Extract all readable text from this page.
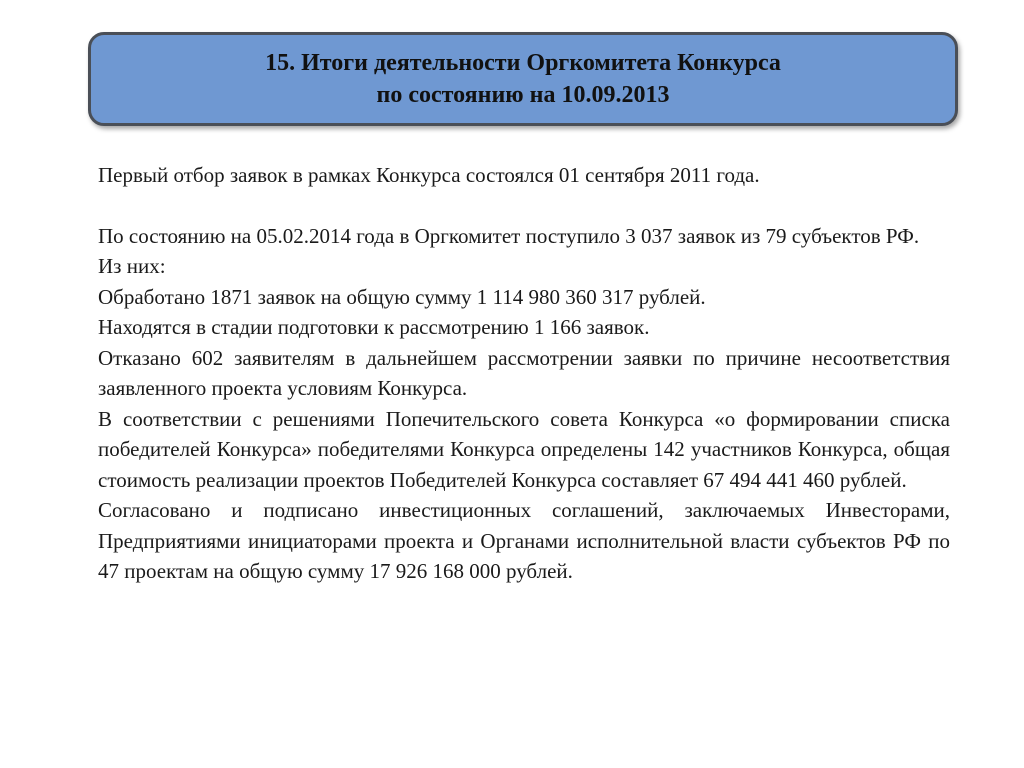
15. Итоги деятельности Оргкомитета Конкурса
по состоянию на 10.09.2013

Первый отбор заявок в рамках Конкурса состоялся 01 сентября 2011 года.

По состоянию на 05.02.2014 года в Оргкомитет поступило 3 037 заявок из 79 субъектов РФ.

Из них:

Обработано 1871 заявок на общую сумму 1 114 980 360 317 рублей.

Находятся в стадии подготовки к рассмотрению 1 166 заявок.

Отказано 602 заявителям в дальнейшем рассмотрении заявки по причине несоответствия заявленного проекта условиям Конкурса.

В соответствии с решениями Попечительского совета Конкурса «о формировании списка победителей Конкурса» победителями Конкурса определены 142 участников Конкурса, общая стоимость реализации проектов Победителей Конкурса составляет 67 494 441 460 рублей.

Согласовано и подписано инвестиционных соглашений, заключаемых Инвесторами, Предприятиями инициаторами проекта и Органами исполнительной власти субъектов РФ по 47 проектам на общую сумму 17 926 168 000 рублей.
